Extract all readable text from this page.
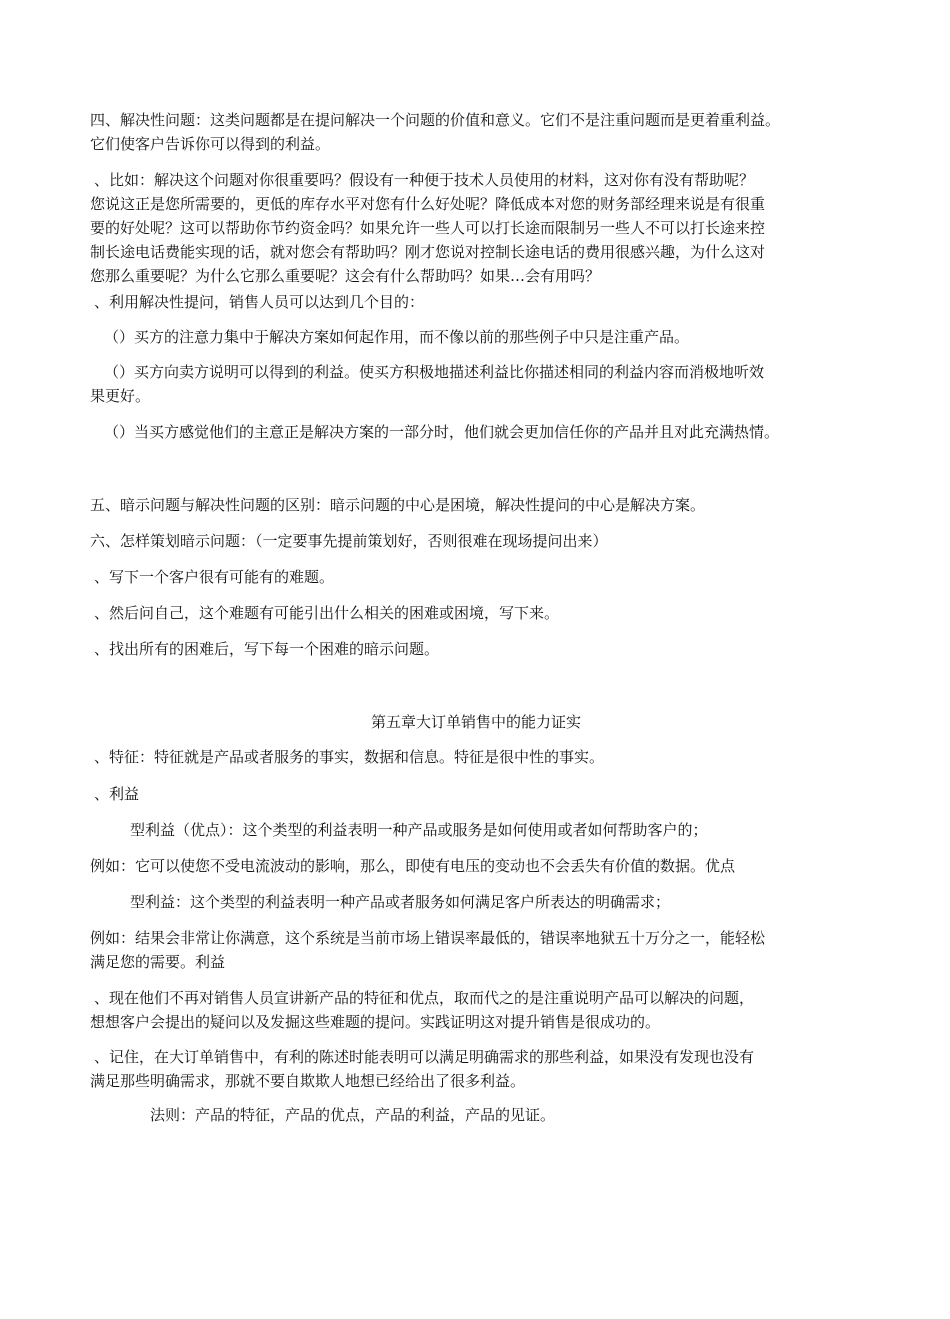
四、解决性问题：这类问题都是在提问解决一个问题的价值和意义。它们不是注重问题而是更着重利益。
它们使客户告诉你可以得到的利益。

、比如：解决这个问题对你很重要吗？假设有一种便于技术人员使用的材料，这对你有没有帮助呢？
您说这正是您所需要的，更低的库存水平对您有什么好处呢？降低成本对您的财务部经理来说是有很重
要的好处呢？这可以帮助你节约资金吗？如果允许一些人可以打长途而限制另一些人不可以打长途来控
制长途电话费能实现的话，就对您会有帮助吗？刚才您说对控制长途电话的费用很感兴趣，为什么这对
您那么重要呢？为什么它那么重要呢？这会有什么帮助吗？如果…会有用吗？

、利用解决性提问，销售人员可以达到几个目的：

（）买方的注意力集中于解决方案如何起作用，而不像以前的那些例子中只是注重产品。

（）买方向卖方说明可以得到的利益。使买方积极地描述利益比你描述相同的利益内容而消极地听效
果更好。

（）当买方感觉他们的主意正是解决方案的一部分时，他们就会更加信任你的产品并且对此充满热情。

五、暗示问题与解决性问题的区别：暗示问题的中心是困境，解决性提问的中心是解决方案。

六、怎样策划暗示问题：（一定要事先提前策划好，否则很难在现场提问出来）

、写下一个客户很有可能有的难题。

、然后问自己，这个难题有可能引出什么相关的困难或困境，写下来。

、找出所有的困难后，写下每一个困难的暗示问题。

第五章大订单销售中的能力证实

、特征：特征就是产品或者服务的事实，数据和信息。特征是很中性的事实。

、利益

型利益（优点）：这个类型的利益表明一种产品或服务是如何使用或者如何帮助客户的；

例如：它可以使您不受电流波动的影响，那么，即使有电压的变动也不会丢失有价值的数据。优点

型利益：这个类型的利益表明一种产品或者服务如何满足客户所表达的明确需求；

例如：结果会非常让你满意，这个系统是当前市场上错误率最低的，错误率地狱五十万分之一，能轻松
满足您的需要。利益

、现在他们不再对销售人员宣讲新产品的特征和优点，取而代之的是注重说明产品可以解决的问题，
想想客户会提出的疑问以及发掘这些难题的提问。实践证明这对提升销售是很成功的。

、记住，在大订单销售中，有利的陈述时能表明可以满足明确需求的那些利益，如果没有发现也没有
满足那些明确需求，那就不要自欺欺人地想已经给出了很多利益。

法则：产品的特征，产品的优点，产品的利益，产品的见证。
